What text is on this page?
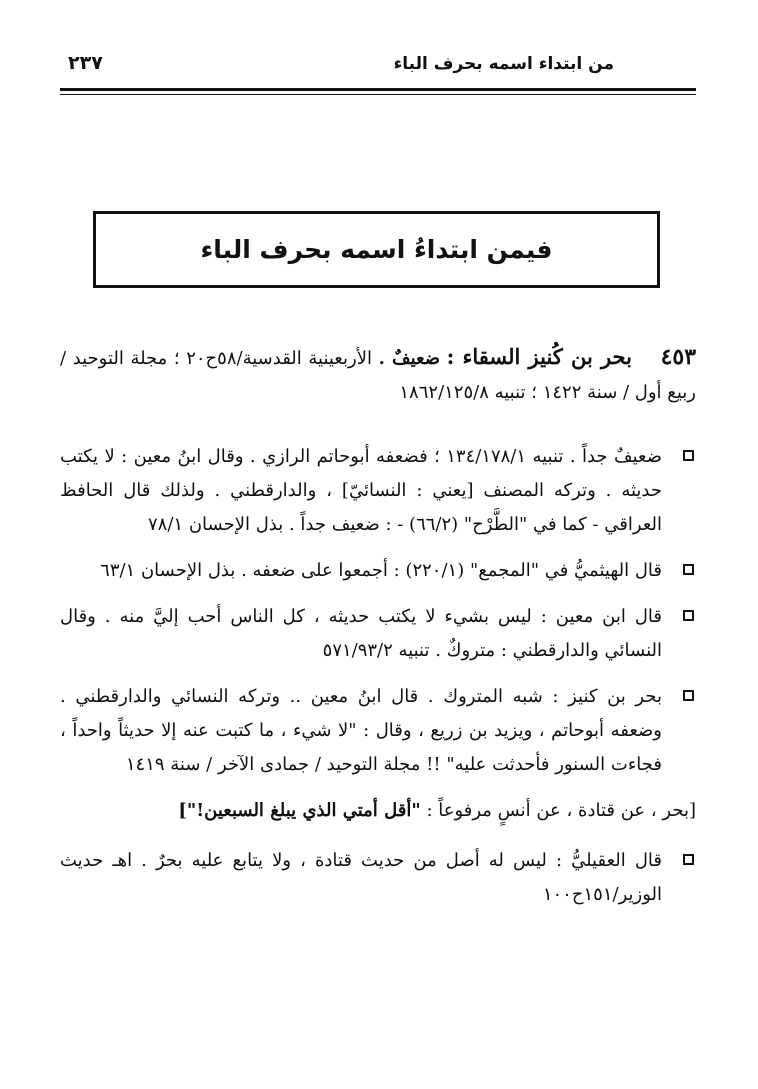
من ابتداء اسمه بحرف الباء
٢٣٧
فيمن ابتداءُ اسمه بحرف الباء

٤٥٣ بحر بن كُنيز السقاء : ضعيفٌ . الأربعينية القدسية/٥٨ح٢٠ ؛ مجلة التوحيد / ربيع أول / سنة ١٤٢٢ ؛ تنبيه ١٨٦٢/١٢٥/٨

ضعيفٌ جداً . تنبيه ١٣٤/١٧٨/١ ؛ فضعفه أبوحاتم الرازي . وقال ابنُ معين : لا يكتب حديثه . وتركه المصنف [يعني : النسائيّ] ، والدارقطني . ولذلك قال الحافظ العراقي - كما في "الطَّرْح" (٦٦/٢) - : ضعيف جداً . بذل الإحسان ٧٨/١
قال الهيثميُّ في "المجمع" (٢٢٠/١) : أجمعوا على ضعفه . بذل الإحسان ٦٣/١
قال ابن معين : ليس بشيء لا يكتب حديثه ، كل الناس أحب إليَّ منه . وقال النسائي والدارقطني : متروكٌ . تنبيه ٥٧١/٩٣/٢
بحر بن كنيز : شبه المتروك . قال ابنُ معين .. وتركه النسائي والدارقطني . وضعفه أبوحاتم ، ويزيد بن زريع ، وقال : "لا شيء ، ما كتبت عنه إلا حديثاً واحداً ، فجاءت السنور فأحدثت عليه" !! مجلة التوحيد / جمادى الآخر / سنة ١٤١٩

[بحر ، عن قتادة ، عن أنسٍ مرفوعاً : "أقل أمتي الذي يبلغ السبعين!"]

قال العقيليُّ : ليس له أصل من حديث قتادة ، ولا يتابع عليه بحرٌ . اهـ حديث الوزير/١٥١ح١٠٠
